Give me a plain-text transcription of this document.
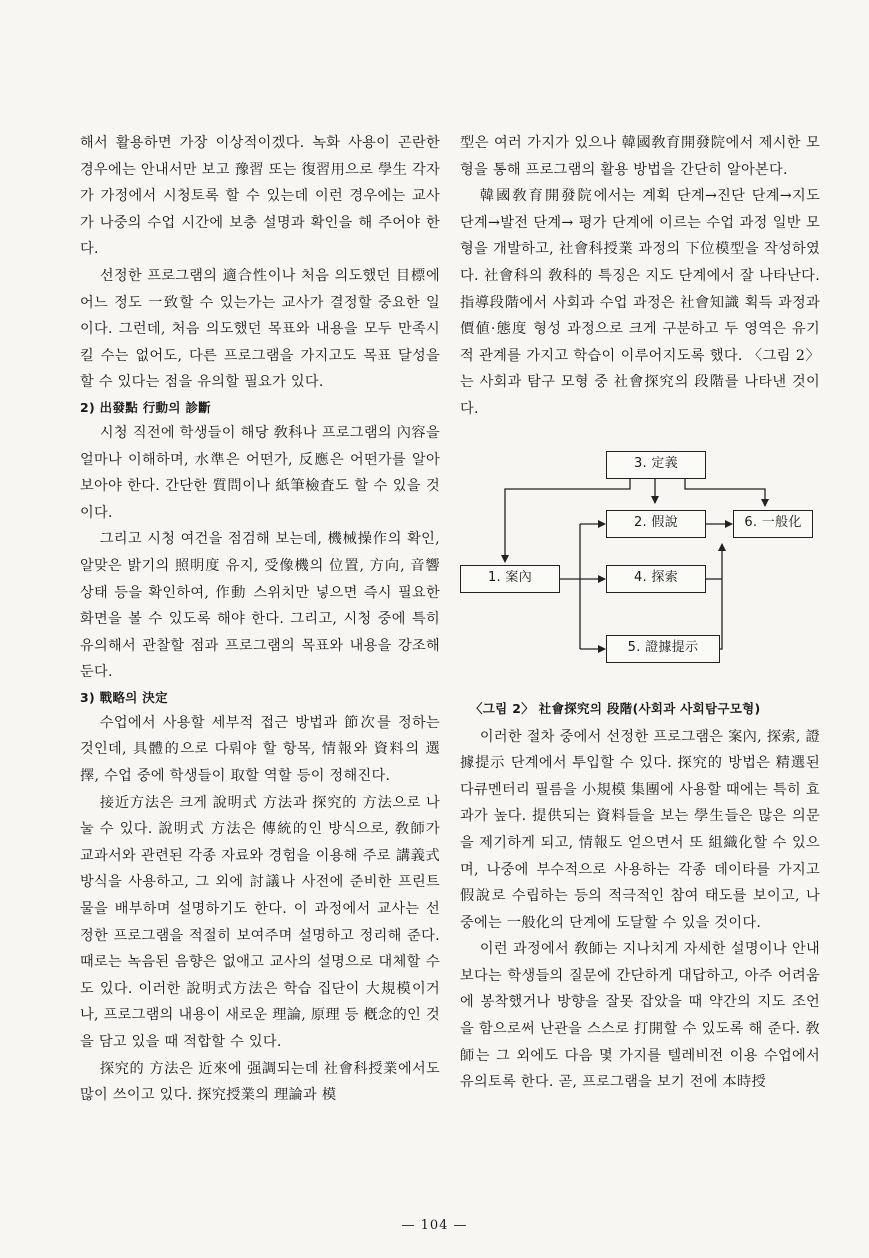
해서 활용하면 가장 이상적이겠다. 녹화 사용이 곤란한 경우에는 안내서만 보고 豫習 또는 復習用으로 學生 각자가 가정에서 시청토록 할 수 있는데 이런 경우에는 교사가 나중의 수업 시간에 보충 설명과 확인을 해 주어야 한다.

선정한 프로그램의 適合性이나 처음 의도했던 目標에 어느 정도 一致할 수 있는가는 교사가 결정할 중요한 일이다. 그런데, 처음 의도했던 목표와 내용을 모두 만족시킬 수는 없어도, 다른 프로그램을 가지고도 목표 달성을 할 수 있다는 점을 유의할 필요가 있다.

2) 出發點 行動의 診斷

시청 직전에 학생들이 해당 敎科나 프로그램의 內容을 얼마나 이해하며, 水準은 어떤가, 反應은 어떤가를 알아보아야 한다. 간단한 質問이나 紙筆檢査도 할 수 있을 것이다.

그리고 시청 여건을 점검해 보는데, 機械操作의 확인, 알맞은 밝기의 照明度 유지, 受像機의 位置, 方向, 音響 상태 등을 확인하여, 作動 스위치만 넣으면 즉시 필요한 화면을 볼 수 있도록 해야 한다. 그리고, 시청 중에 특히 유의해서 관찰할 점과 프로그램의 목표와 내용을 강조해 둔다.

3) 戰略의 決定

수업에서 사용할 세부적 접근 방법과 節次를 정하는 것인데, 具體的으로 다뤄야 할 항목, 情報와 資料의 選擇, 수업 중에 학생들이 取할 역할 등이 정해진다.

接近方法은 크게 說明式 方法과 探究的 方法으로 나눌 수 있다. 說明式 方法은 傳統的인 방식으로, 敎師가 교과서와 관련된 각종 자료와 경험을 이용해 주로 講義式 방식을 사용하고, 그 외에 討議나 사전에 준비한 프린트물을 배부하며 설명하기도 한다. 이 과정에서 교사는 선정한 프로그램을 적절히 보여주며 설명하고 정리해 준다. 때로는 녹음된 음향은 없애고 교사의 설명으로 대체할 수도 있다. 이러한 說明式方法은 학습 집단이 大規模이거나, 프로그램의 내용이 새로운 理論, 原理 등 槪念的인 것을 담고 있을 때 적합할 수 있다.

探究的 方法은 近來에 强調되는데 社會科授業에서도 많이 쓰이고 있다. 探究授業의 理論과 模

型은 여러 가지가 있으나 韓國敎育開發院에서 제시한 모형을 통해 프로그램의 활용 방법을 간단히 알아본다.

韓國敎育開發院에서는 계획 단계→진단 단계→지도 단계→발전 단계→ 평가 단계에 이르는 수업 과정 일반 모형을 개발하고, 社會科授業 과정의 下位模型을 작성하였다. 社會科의 敎科的 특징은 지도 단계에서 잘 나타난다. 指導段階에서 사회과 수업 과정은 社會知識 획득 과정과 價値·態度 형성 과정으로 크게 구분하고 두 영역은 유기적 관계를 가지고 학습이 이루어지도록 했다. 〈그림 2〉는 사회과 탐구 모형 중 社會探究의 段階를 나타낸 것이다.

3. 定義
2. 假說	6. 一般化
1. 案內	4. 探索
5. 證據提示
〈그림 2〉 社會探究의 段階(사회과 사회탐구모형)

이러한 절차 중에서 선정한 프로그램은 案內, 探索, 證據提示 단계에서 투입할 수 있다. 探究的 방법은 精選된 다큐멘터리 필름을 小規模 集團에 사용할 때에는 특히 효과가 높다. 提供되는 資料들을 보는 學生들은 많은 의문을 제기하게 되고, 情報도 얻으면서 또 組織化할 수 있으며, 나중에 부수적으로 사용하는 각종 데이타를 가지고 假說로 수립하는 등의 적극적인 참여 태도를 보이고, 나중에는 一般化의 단계에 도달할 수 있을 것이다.

이런 과정에서 敎師는 지나치게 자세한 설명이나 안내보다는 학생들의 질문에 간단하게 대답하고, 아주 어려움에 봉착했거나 방향을 잘못 잡았을 때 약간의 지도 조언을 함으로써 난관을 스스로 打開할 수 있도록 해 준다. 敎師는 그 외에도 다음 몇 가지를 텔레비전 이용 수업에서 유의토록 한다. 곧, 프로그램을 보기 전에 本時授

— 104 —
